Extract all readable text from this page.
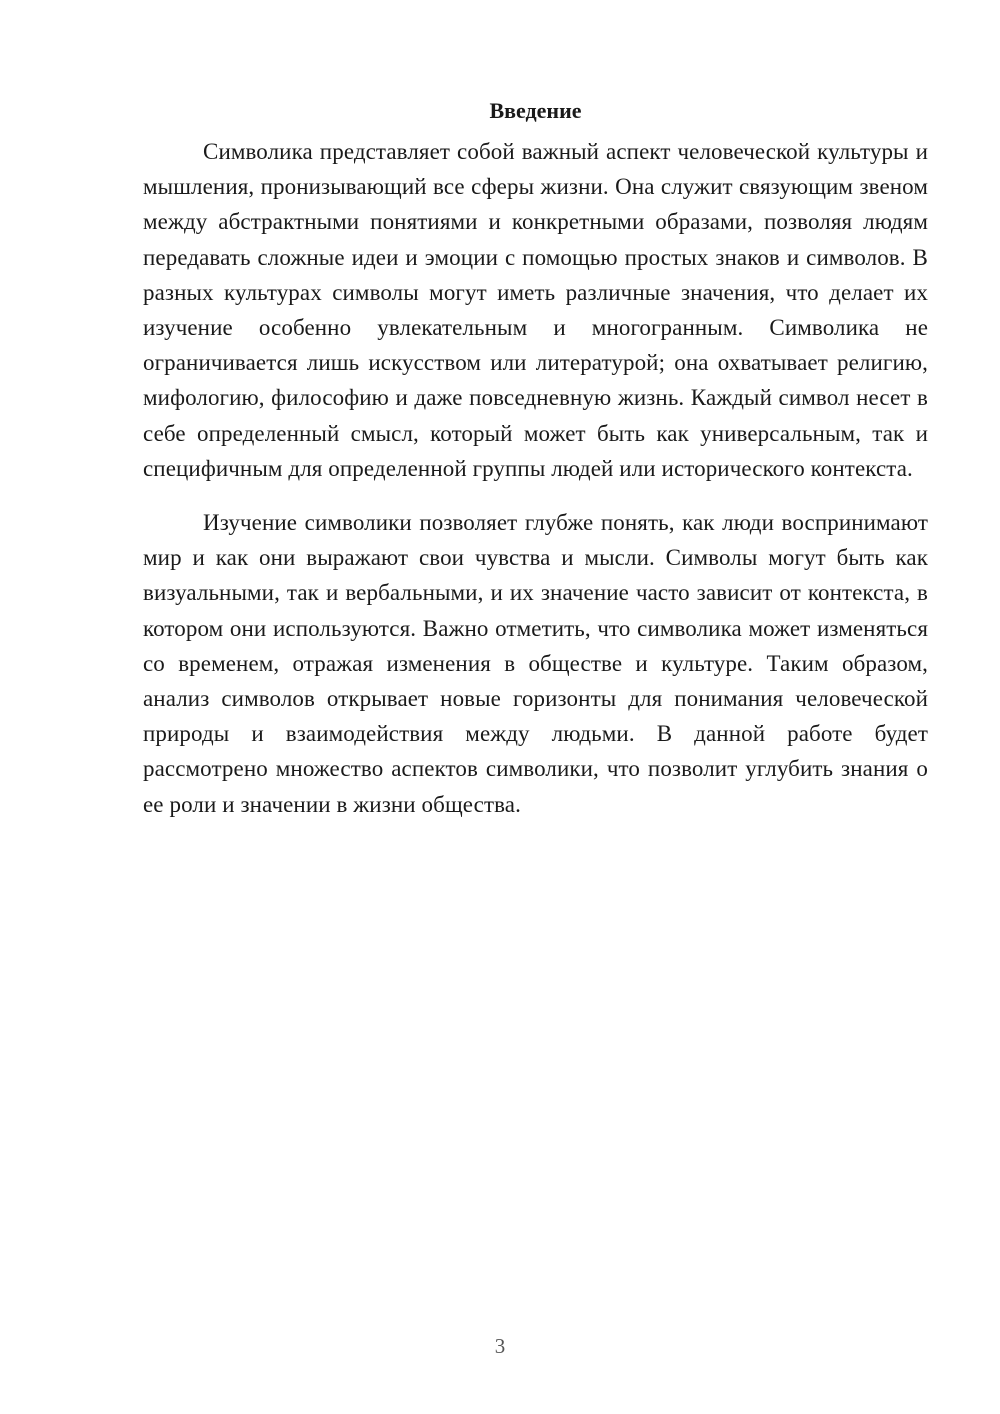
Введение

Символика представляет собой важный аспект человеческой культуры и мышления, пронизывающий все сферы жизни. Она служит связующим звеном между абстрактными понятиями и конкретными образами, позволяя людям передавать сложные идеи и эмоции с помощью простых знаков и символов. В разных культурах символы могут иметь различные значения, что делает их изучение особенно увлекательным и многогранным. Символика не ограничивается лишь искусством или литературой; она охватывает религию, мифологию, философию и даже повседневную жизнь. Каждый символ несет в себе определенный смысл, который может быть как универсальным, так и специфичным для определенной группы людей или исторического контекста.

Изучение символики позволяет глубже понять, как люди воспринимают мир и как они выражают свои чувства и мысли. Символы могут быть как визуальными, так и вербальными, и их значение часто зависит от контекста, в котором они используются. Важно отметить, что символика может изменяться со временем, отражая изменения в обществе и культуре. Таким образом, анализ символов открывает новые горизонты для понимания человеческой природы и взаимодействия между людьми. В данной работе будет рассмотрено множество аспектов символики, что позволит углубить знания о ее роли и значении в жизни общества.

3
